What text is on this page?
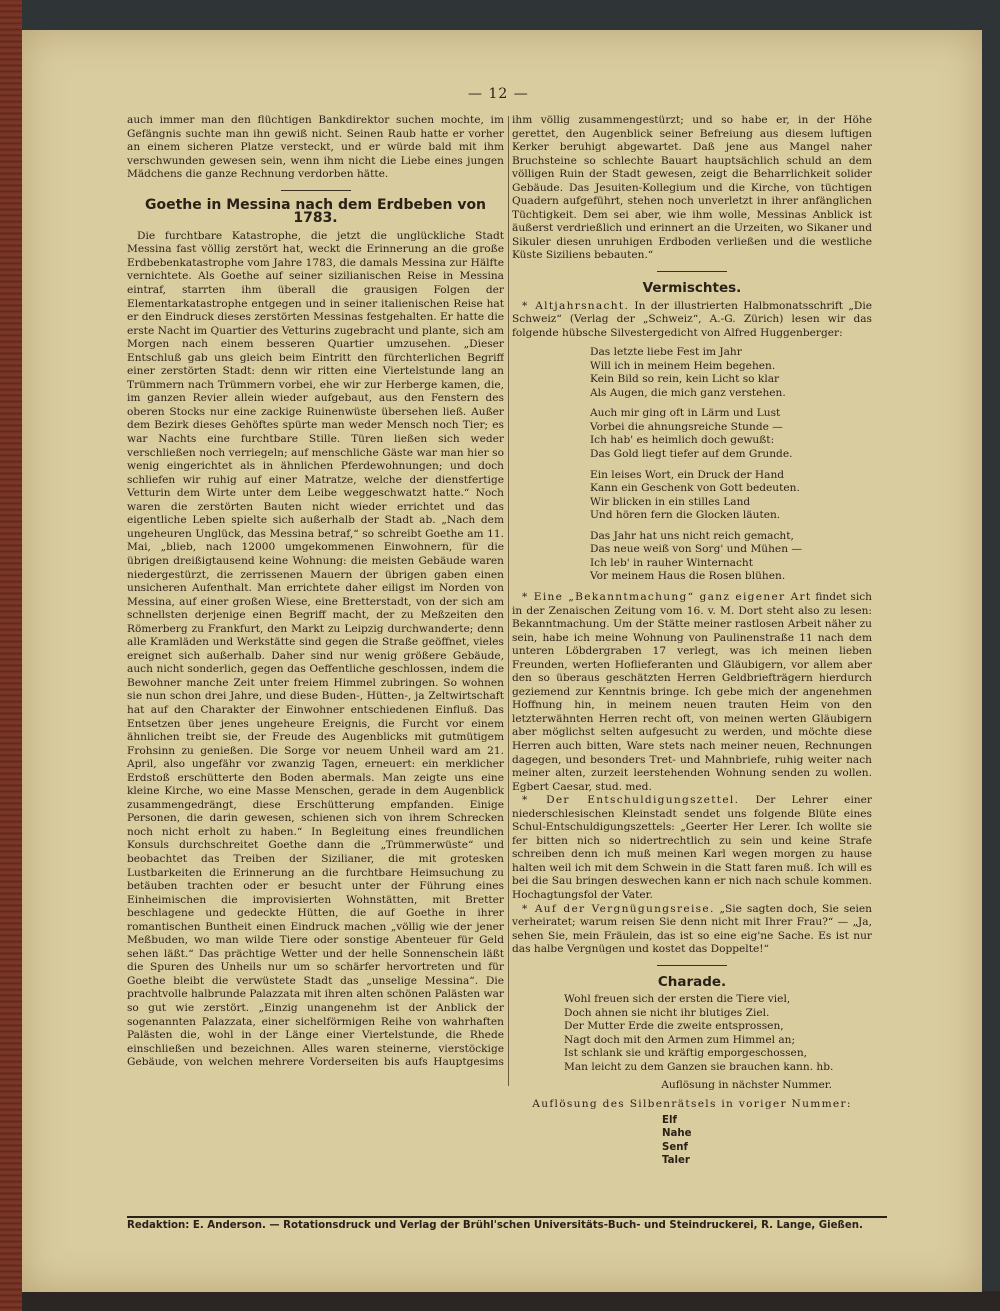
— 12 —

auch immer man den flüchtigen Bankdirektor suchen mochte, im Gefängnis suchte man ihn gewiß nicht. Seinen Raub hatte er vorher an einem sicheren Platze versteckt, und er würde bald mit ihm verschwunden gewesen sein, wenn ihm nicht die Liebe eines jungen Mädchens die ganze Rechnung verdorben hätte.

Goethe in Messina nach dem Erdbeben von 1783.

Die furchtbare Katastrophe, die jetzt die unglückliche Stadt Messina fast völlig zerstört hat, weckt die Erinnerung an die große Erdbebenkatastrophe vom Jahre 1783, die damals Messina zur Hälfte vernichtete. Als Goethe auf seiner sizilianischen Reise in Messina eintraf, starrten ihm überall die grausigen Folgen der Elementarkatastrophe entgegen und in seiner italienischen Reise hat er den Eindruck dieses zerstörten Messinas festgehalten. Er hatte die erste Nacht im Quartier des Vetturins zugebracht und plante, sich am Morgen nach einem besseren Quartier umzusehen. „Dieser Entschluß gab uns gleich beim Eintritt den fürchterlichen Begriff einer zerstörten Stadt: denn wir ritten eine Viertelstunde lang an Trümmern nach Trümmern vorbei, ehe wir zur Herberge kamen, die, im ganzen Revier allein wieder aufgebaut, aus den Fenstern des oberen Stocks nur eine zackige Ruinenwüste übersehen ließ. Außer dem Bezirk dieses Gehöftes spürte man weder Mensch noch Tier; es war Nachts eine furchtbare Stille. Türen ließen sich weder verschließen noch verriegeln; auf menschliche Gäste war man hier so wenig eingerichtet als in ähnlichen Pferdewohnungen; und doch schliefen wir ruhig auf einer Matratze, welche der dienstfertige Vetturin dem Wirte unter dem Leibe weggeschwatzt hatte.“ Noch waren die zerstörten Bauten nicht wieder errichtet und das eigentliche Leben spielte sich außerhalb der Stadt ab. „Nach dem ungeheuren Unglück, das Messina betraf,“ so schreibt Goethe am 11. Mai, „blieb, nach 12000 umgekommenen Einwohnern, für die übrigen dreißigtausend keine Wohnung: die meisten Gebäude waren niedergestürzt, die zerrissenen Mauern der übrigen gaben einen unsicheren Aufenthalt. Man errichtete daher eiligst im Norden von Messina, auf einer großen Wiese, eine Bretterstadt, von der sich am schnellsten derjenige einen Begriff macht, der zu Meßzeiten den Römerberg zu Frankfurt, den Markt zu Leipzig durchwanderte; denn alle Kramläden und Werkstätte sind gegen die Straße geöffnet, vieles ereignet sich außerhalb. Daher sind nur wenig größere Gebäude, auch nicht sonderlich, gegen das Oeffentliche geschlossen, indem die Bewohner manche Zeit unter freiem Himmel zubringen. So wohnen sie nun schon drei Jahre, und diese Buden-, Hütten-, ja Zeltwirtschaft hat auf den Charakter der Einwohner entschiedenen Einfluß. Das Entsetzen über jenes ungeheure Ereignis, die Furcht vor einem ähnlichen treibt sie, der Freude des Augenblicks mit gutmütigem Frohsinn zu genießen. Die Sorge vor neuem Unheil ward am 21. April, also ungefähr vor zwanzig Tagen, erneuert: ein merklicher Erdstoß erschütterte den Boden abermals. Man zeigte uns eine kleine Kirche, wo eine Masse Menschen, gerade in dem Augenblick zusammengedrängt, diese Erschütterung empfanden. Einige Personen, die darin gewesen, schienen sich von ihrem Schrecken noch nicht erholt zu haben.“ In Begleitung eines freundlichen Konsuls durchschreitet Goethe dann die „Trümmerwüste“ und beobachtet das Treiben der Sizilianer, die mit grotesken Lustbarkeiten die Erinnerung an die furchtbare Heimsuchung zu betäuben trachten oder er besucht unter der Führung eines Einheimischen die improvisierten Wohnstätten, mit Bretter beschlagene und gedeckte Hütten, die auf Goethe in ihrer romantischen Buntheit einen Eindruck machen „völlig wie der jener Meßbuden, wo man wilde Tiere oder sonstige Abenteuer für Geld sehen läßt.“ Das prächtige Wetter und der helle Sonnenschein läßt die Spuren des Unheils nur um so schärfer hervortreten und für Goethe bleibt die verwüstete Stadt das „unselige Messina“. Die prachtvolle halbrunde Palazzata mit ihren alten schönen Palästen war so gut wie zerstört. „Einzig unangenehm ist der Anblick der sogenannten Palazzata, einer sichelförmigen Reihe von wahrhaften Palästen die, wohl in der Länge einer Viertelstunde, die Rhede einschließen und bezeichnen. Alles waren steinerne, vierstöckige Gebäude, von welchen mehrere Vorderseiten bis aufs Hauptgesims

ihm völlig zusammengestürzt; und so habe er, in der Höhe gerettet, den Augenblick seiner Befreiung aus diesem luftigen Kerker beruhigt abgewartet. Daß jene aus Mangel naher Bruchsteine so schlechte Bauart hauptsächlich schuld an dem völligen Ruin der Stadt gewesen, zeigt die Beharrlichkeit solider Gebäude. Das Jesuiten-Kollegium und die Kirche, von tüchtigen Quadern aufgeführt, stehen noch unverletzt in ihrer anfänglichen Tüchtigkeit. Dem sei aber, wie ihm wolle, Messinas Anblick ist äußerst verdrießlich und erinnert an die Urzeiten, wo Sikaner und Sikuler diesen unruhigen Erdboden verließen und die westliche Küste Siziliens bebauten.“

Vermischtes.

* Altjahrsnacht. In der illustrierten Halbmonatsschrift „Die Schweiz“ (Verlag der „Schweiz“, A.-G. Zürich) lesen wir das folgende hübsche Silvestergedicht von Alfred Huggenberger:

Das letzte liebe Fest im Jahr
Will ich in meinem Heim begehen.
Kein Bild so rein, kein Licht so klar
Als Augen, die mich ganz verstehen.
Auch mir ging oft in Lärm und Lust
Vorbei die ahnungsreiche Stunde —
Ich hab' es heimlich doch gewußt:
Das Gold liegt tiefer auf dem Grunde.
Ein leises Wort, ein Druck der Hand
Kann ein Geschenk von Gott bedeuten.
Wir blicken in ein stilles Land
Und hören fern die Glocken läuten.
Das Jahr hat uns nicht reich gemacht,
Das neue weiß von Sorg' und Mühen —
Ich leb' in rauher Winternacht
Vor meinem Haus die Rosen blühen.

* Eine „Bekanntmachung“ ganz eigener Art findet sich in der Zenaischen Zeitung vom 16. v. M. Dort steht also zu lesen: Bekanntmachung. Um der Stätte meiner rastlosen Arbeit näher zu sein, habe ich meine Wohnung von Paulinenstraße 11 nach dem unteren Löbdergraben 17 verlegt, was ich meinen lieben Freunden, werten Hoflieferanten und Gläubigern, vor allem aber den so überaus geschätzten Herren Geldbriefträgern hierdurch geziemend zur Kenntnis bringe. Ich gebe mich der angenehmen Hoffnung hin, in meinem neuen trauten Heim von den letzterwähnten Herren recht oft, von meinen werten Gläubigern aber möglichst selten aufgesucht zu werden, und möchte diese Herren auch bitten, Ware stets nach meiner neuen, Rechnungen dagegen, und besonders Tret- und Mahnbriefe, ruhig weiter nach meiner alten, zurzeit leerstehenden Wohnung senden zu wollen. Egbert Caesar, stud. med.

* Der Entschuldigungszettel. Der Lehrer einer niederschlesischen Kleinstadt sendet uns folgende Blüte eines Schul-Entschuldigungszettels: „Geerter Her Lerer. Ich wollte sie fer bitten nich so nidertrechtlich zu sein und keine Strafe schreiben denn ich muß meinen Karl wegen morgen zu hause halten weil ich mit dem Schwein in die Statt faren muß. Ich will es bei die Sau bringen deswechen kann er nich nach schule kommen. Hochagtungsfol der Vater.

* Auf der Vergnügungsreise. „Sie sagten doch, Sie seien verheiratet; warum reisen Sie denn nicht mit Ihrer Frau?“ — „Ja, sehen Sie, mein Fräulein, das ist so eine eig'ne Sache. Es ist nur das halbe Vergnügen und kostet das Doppelte!“

Charade.
Wohl freuen sich der ersten die Tiere viel,
Doch ahnen sie nicht ihr blutiges Ziel.
Der Mutter Erde die zweite entsprossen,
Nagt doch mit den Armen zum Himmel an;
Ist schlank sie und kräftig emporgeschossen,
Man leicht zu dem Ganzen sie brauchen kann. hb.
Auflösung in nächster Nummer.
Auflösung des Silbenrätsels in voriger Nummer:
Elf
Nahe
Senf
Taler
Redaktion: E. Anderson. — Rotationsdruck und Verlag der Brühl'schen Universitäts-Buch- und Steindruckerei, R. Lange, Gießen.
